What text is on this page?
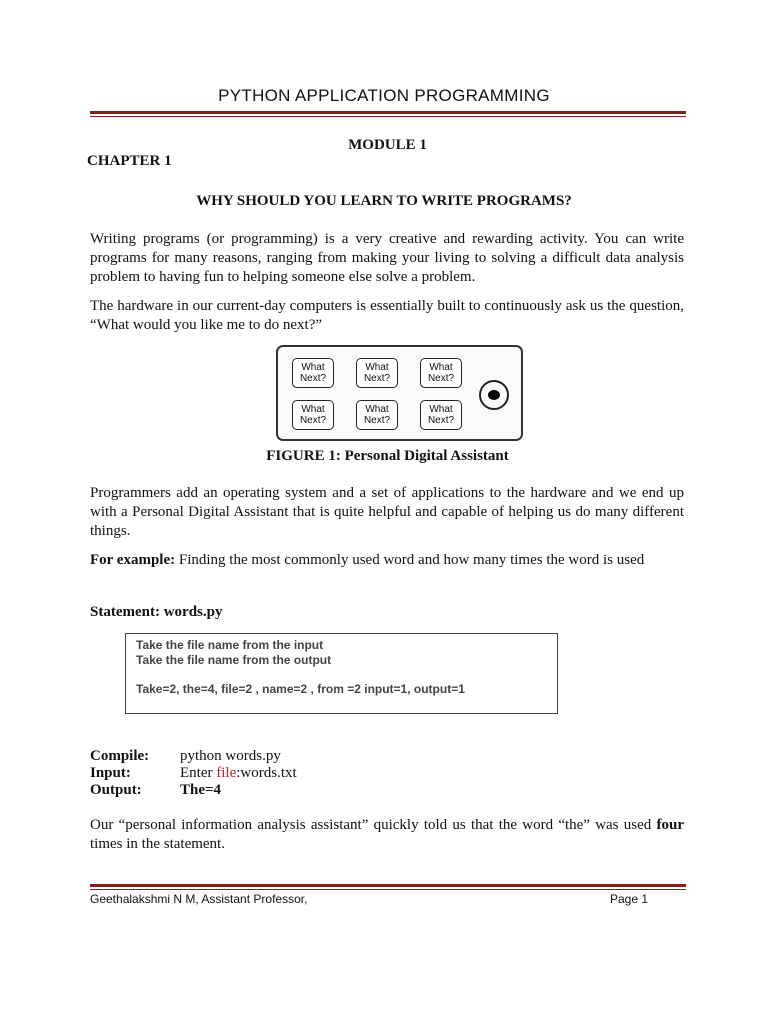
PYTHON APPLICATION PROGRAMMING
MODULE 1
CHAPTER 1
WHY SHOULD YOU LEARN TO WRITE PROGRAMS?
Writing programs (or programming) is a very creative and rewarding activity. You can write programs for many reasons, ranging from making your living to solving a difficult data analysis problem to having fun to helping someone else solve a problem.
The hardware in our current-day computers is essentially built to continuously ask us the question, “What would you like me to do next?”
What Next?
What Next?
What Next?
What Next?
What Next?
What Next?
FIGURE 1: Personal Digital Assistant
Programmers add an operating system and a set of applications to the hardware and we end up with a Personal Digital Assistant that is quite helpful and capable of helping us do many different things.
For example: Finding the most commonly used word and how many times the word is used
Statement: words.py
Take the file name from the input
Take the file name from the output
Take=2, the=4, file=2 , name=2 , from =2 input=1, output=1
Compile: python words.py
Input:	Enter file:words.txt
Output:	The=4
Our “personal information analysis assistant” quickly told us that the word “the” was used four times in the statement.
Geethalakshmi N M, Assistant Professor,	Page 1
